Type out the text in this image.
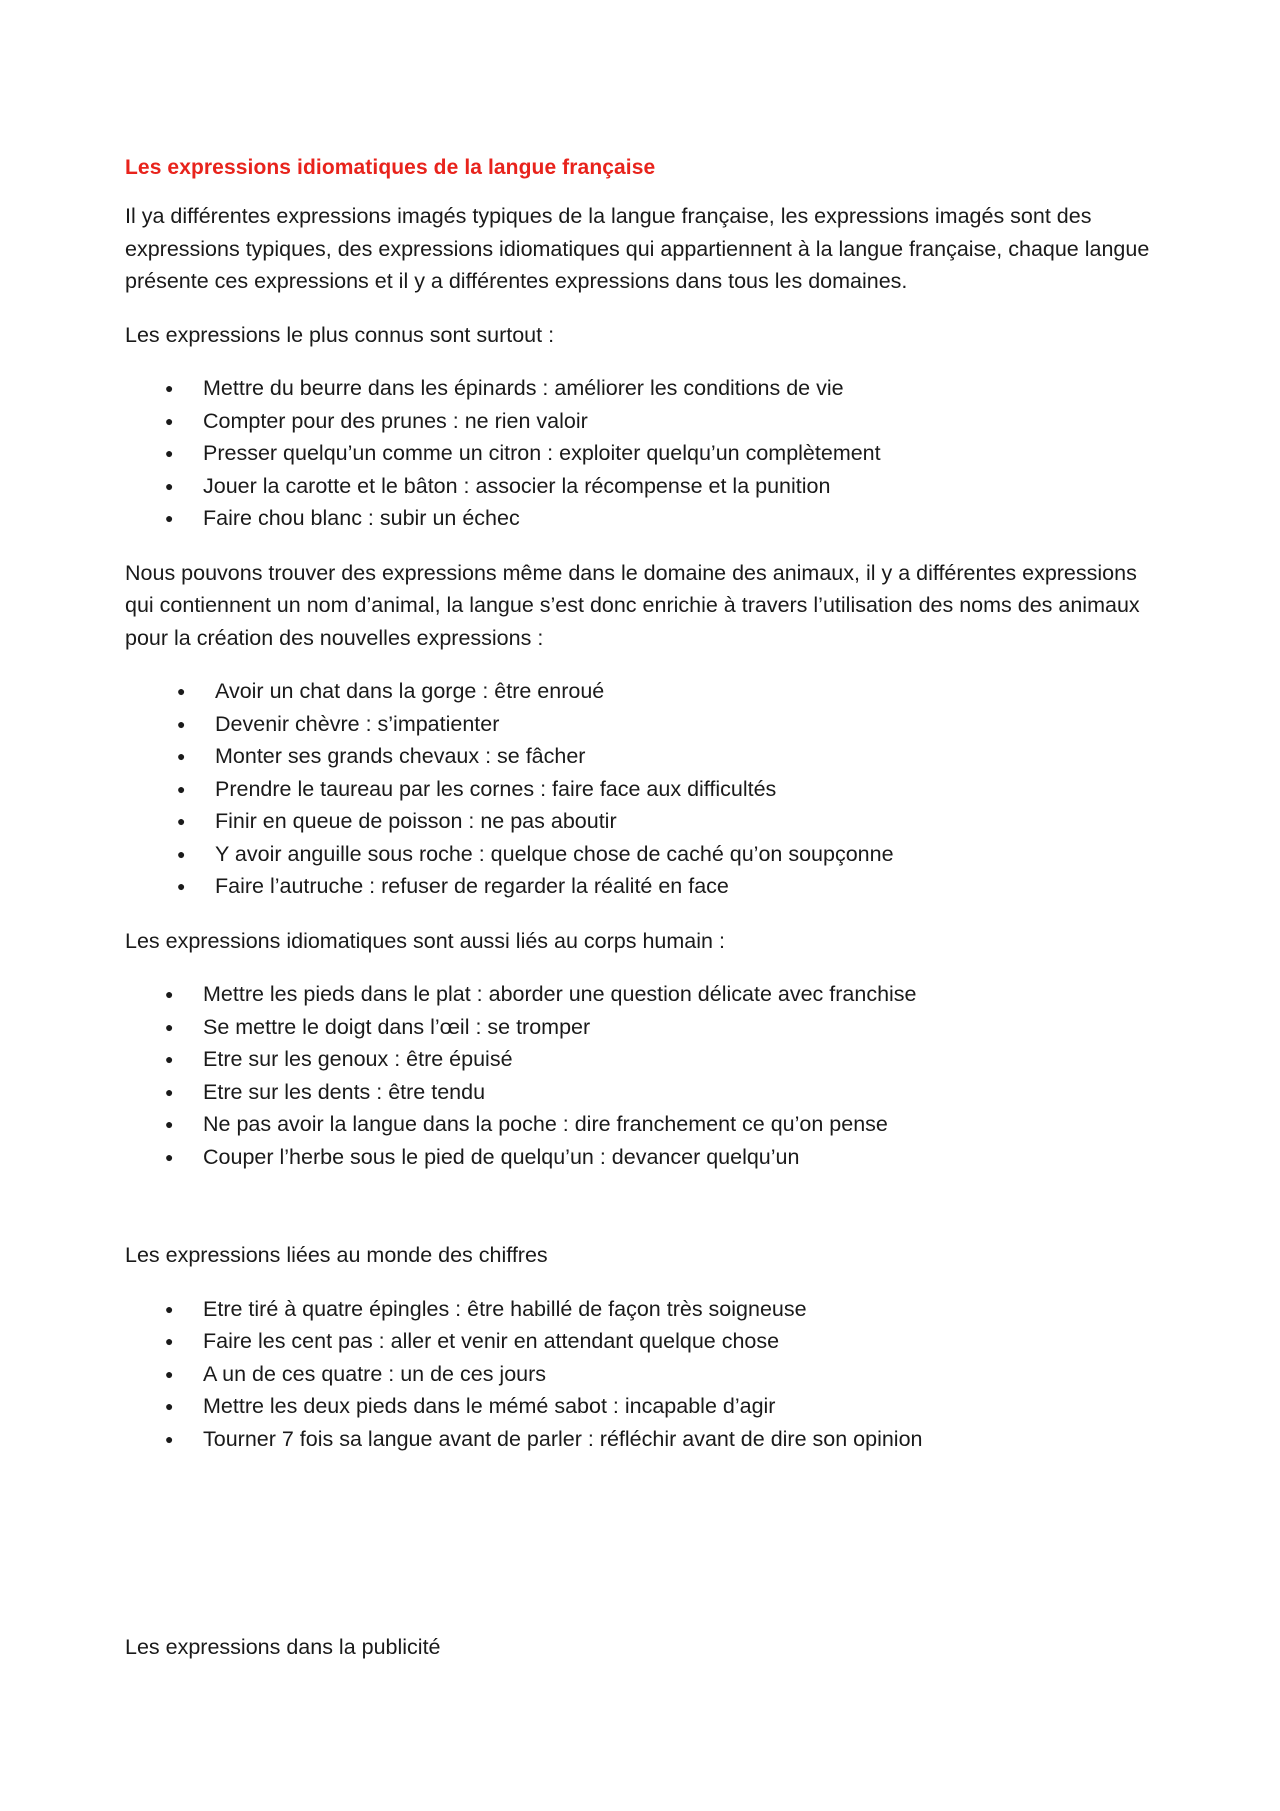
Les expressions idiomatiques de la langue française

Il ya différentes expressions imagés typiques de la langue française, les expressions imagés sont des expressions typiques, des expressions idiomatiques qui appartiennent à la langue française, chaque langue présente ces expressions et il y a différentes expressions dans tous les domaines.

Les expressions le plus connus sont surtout :

● Mettre du beurre dans les épinards : améliorer les conditions de vie
● Compter pour des prunes : ne rien valoir
● Presser quelqu’un comme un citron : exploiter quelqu’un complètement
● Jouer la carotte et le bâton : associer la récompense et la punition
● Faire chou blanc : subir un échec

Nous pouvons trouver des expressions même dans le domaine des animaux, il y a différentes expressions qui contiennent un nom d’animal, la langue s’est donc enrichie à travers l’utilisation des noms des animaux pour la création des nouvelles expressions :

● Avoir un chat dans la gorge : être enroué
● Devenir chèvre : s’impatienter
● Monter ses grands chevaux : se fâcher
● Prendre le taureau par les cornes : faire face aux difficultés
● Finir en queue de poisson : ne pas aboutir
● Y avoir anguille sous roche : quelque chose de caché qu’on soupçonne
● Faire l’autruche : refuser de regarder la réalité en face

Les expressions idiomatiques sont aussi liés au corps humain :

● Mettre les pieds dans le plat : aborder une question délicate avec franchise
● Se mettre le doigt dans l’œil : se tromper
● Etre sur les genoux : être épuisé
● Etre sur les dents : être tendu
● Ne pas avoir la langue dans la poche : dire franchement ce qu’on pense
● Couper l’herbe sous le pied de quelqu’un : devancer quelqu’un

Les expressions liées au monde des chiffres

● Etre tiré à quatre épingles : être habillé de façon très soigneuse
● Faire les cent pas : aller et venir en attendant quelque chose
● A un de ces quatre : un de ces jours
● Mettre les deux pieds dans le mémé sabot : incapable d’agir
● Tourner 7 fois sa langue avant de parler : réfléchir avant de dire son opinion

Les expressions dans la publicité
